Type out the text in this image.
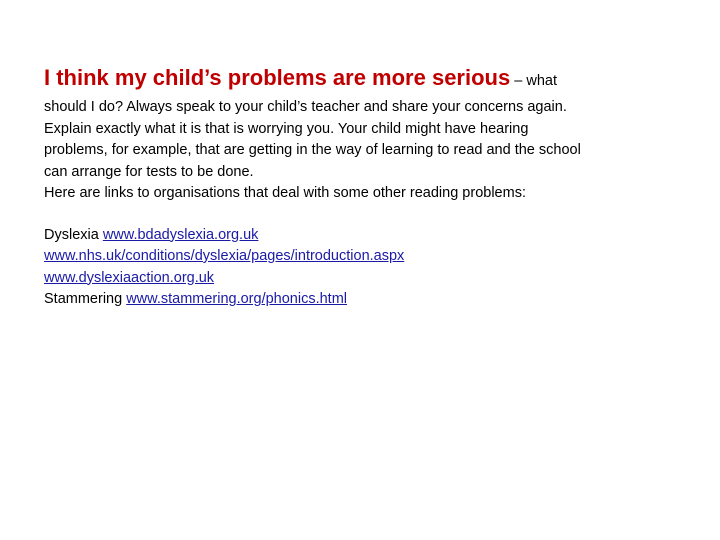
I think my child’s problems are more serious – what

should I do? Always speak to your child’s teacher and share your concerns again.

Explain exactly what it is that is worrying you. Your child might have hearing

problems, for example, that are getting in the way of learning to read and the school

can arrange for tests to be done.

Here are links to organisations that deal with some other reading problems:

Dyslexia www.bdadyslexia.org.uk

www.nhs.uk/conditions/dyslexia/pages/introduction.aspx

www.dyslexiaaction.org.uk

Stammering www.stammering.org/phonics.html
